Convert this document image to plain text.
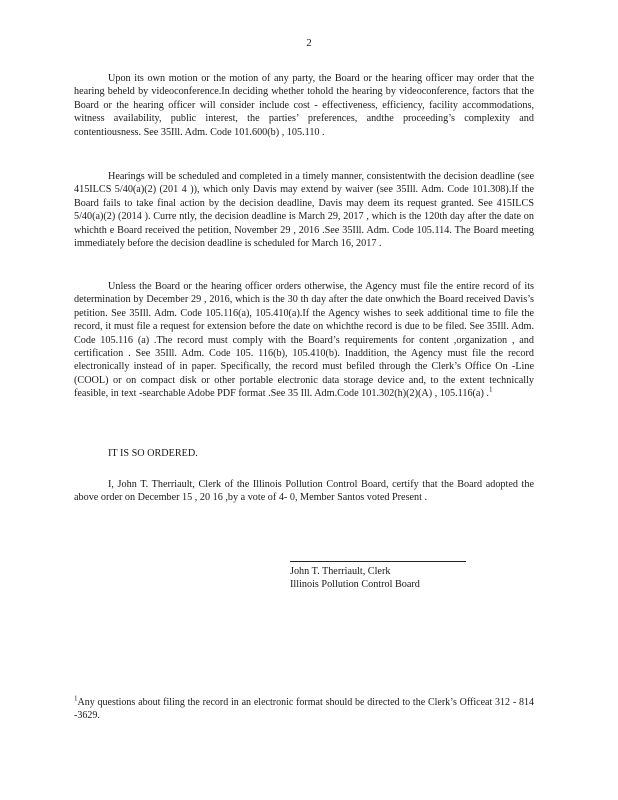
2

Upon its own motion or the motion of any party, the Board or the hearing officer may order that the hearing beheld by videoconference.In deciding whether tohold the hearing by videoconference, factors that the Board or the hearing officer will consider include cost - effectiveness, efficiency, facility accommodations, witness availability, public interest, the parties’ preferences, andthe proceeding’s complexity and contentiousness. See 35Ill. Adm. Code 101.600(b) , 105.110 .

Hearings will be scheduled and completed in a timely manner, consistentwith the decision deadline (see 415ILCS 5/40(a)(2) (201 4 )), which only Davis may extend by waiver (see 35Ill. Adm. Code 101.308).If the Board fails to take final action by the decision deadline, Davis may deem its request granted. See 415ILCS 5/40(a)(2) (2014 ). Curre ntly, the decision deadline is March 29, 2017 , which is the 120th day after the date on whichth e Board received the petition, November 29 , 2016 .See 35Ill. Adm. Code 105.114. The Board meeting immediately before the decision deadline is scheduled for March 16, 2017 .

Unless the Board or the hearing officer orders otherwise, the Agency must file the entire record of its determination by December 29 , 2016, which is the 30 th day after the date onwhich the Board received Davis’s petition. See 35Ill. Adm. Code 105.116(a), 105.410(a).If the Agency wishes to seek additional time to file the record, it must file a request for extension before the date on whichthe record is due to be filed. See 35Ill. Adm. Code 105.116 (a) .The record must comply with the Board’s requirements for content ,organization , and certification . See 35Ill. Adm. Code 105. 116(b), 105.410(b). Inaddition, the Agency must file the record electronically instead of in paper. Specifically, the record must befiled through the Clerk’s Office On -Line (COOL) or on compact disk or other portable electronic data storage device and, to the extent technically feasible, in text -searchable Adobe PDF format .See 35 Ill. Adm.Code 101.302(h)(2)(A) , 105.116(a) .$^1$

IT IS SO ORDERED.

I, John T. Therriault, Clerk of the Illinois Pollution Control Board, certify that the Board adopted the above order on December 15 , 20 16 ,by a vote of 4- 0, Member Santos voted Present .

John T. Therriault, Clerk
Illinois Pollution Control Board

$^1$Any questions about filing the record in an electronic format should be directed to the Clerk’s Officeat 312 - 814 -3629.
